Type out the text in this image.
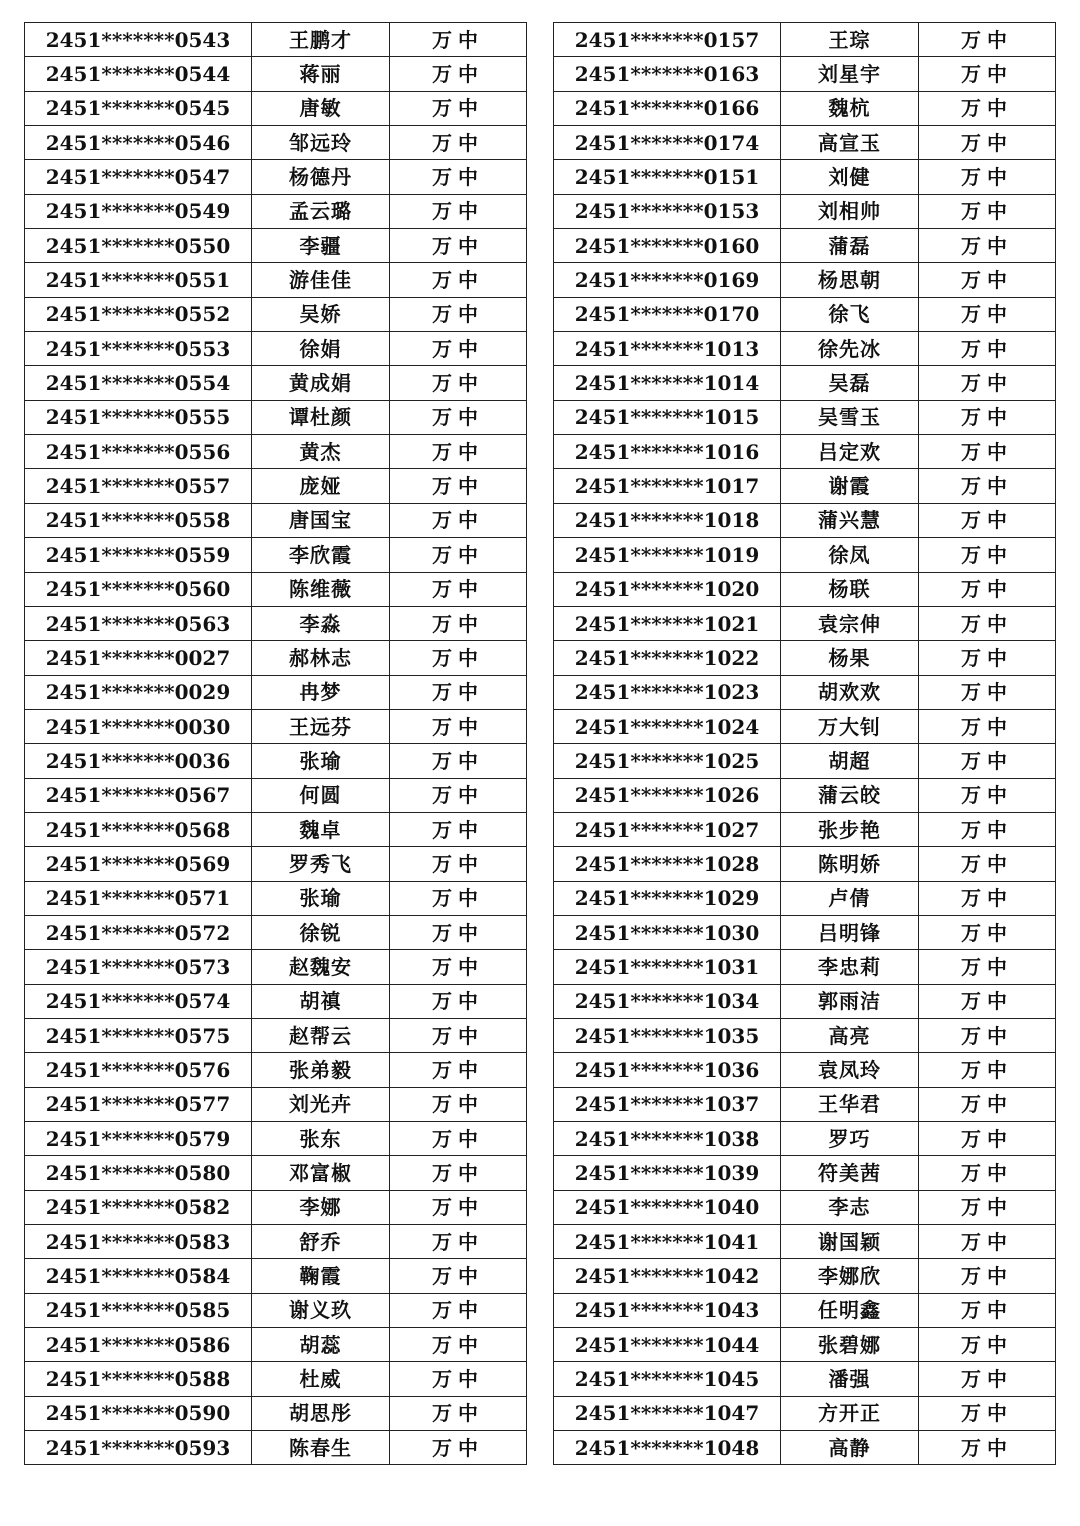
2451*******0543	王鹏才	万中
2451*******0544	蒋丽	万中
2451*******0545	唐敏	万中
2451*******0546	邹远玲	万中
2451*******0547	杨德丹	万中
2451*******0549	孟云璐	万中
2451*******0550	李疆	万中
2451*******0551	游佳佳	万中
2451*******0552	吴娇	万中
2451*******0553	徐娟	万中
2451*******0554	黄成娟	万中
2451*******0555	谭杜颜	万中
2451*******0556	黄杰	万中
2451*******0557	庞娅	万中
2451*******0558	唐国宝	万中
2451*******0559	李欣霞	万中
2451*******0560	陈维薇	万中
2451*******0563	李淼	万中
2451*******0027	郝林志	万中
2451*******0029	冉梦	万中
2451*******0030	王远芬	万中
2451*******0036	张瑜	万中
2451*******0567	何圆	万中
2451*******0568	魏卓	万中
2451*******0569	罗秀飞	万中
2451*******0571	张瑜	万中
2451*******0572	徐锐	万中
2451*******0573	赵魏安	万中
2451*******0574	胡禛	万中
2451*******0575	赵帮云	万中
2451*******0576	张弟毅	万中
2451*******0577	刘光卉	万中
2451*******0579	张东	万中
2451*******0580	邓富椒	万中
2451*******0582	李娜	万中
2451*******0583	舒乔	万中
2451*******0584	鞠霞	万中
2451*******0585	谢义玖	万中
2451*******0586	胡蕊	万中
2451*******0588	杜威	万中
2451*******0590	胡思彤	万中
2451*******0593	陈春生	万中
2451*******0157	王琮	万中
2451*******0163	刘星宇	万中
2451*******0166	魏杭	万中
2451*******0174	高宣玉	万中
2451*******0151	刘健	万中
2451*******0153	刘相帅	万中
2451*******0160	蒲磊	万中
2451*******0169	杨思朝	万中
2451*******0170	徐飞	万中
2451*******1013	徐先冰	万中
2451*******1014	吴磊	万中
2451*******1015	吴雪玉	万中
2451*******1016	吕定欢	万中
2451*******1017	谢霞	万中
2451*******1018	蒲兴慧	万中
2451*******1019	徐凤	万中
2451*******1020	杨联	万中
2451*******1021	袁宗伸	万中
2451*******1022	杨果	万中
2451*******1023	胡欢欢	万中
2451*******1024	万大钊	万中
2451*******1025	胡超	万中
2451*******1026	蒲云皎	万中
2451*******1027	张步艳	万中
2451*******1028	陈明娇	万中
2451*******1029	卢倩	万中
2451*******1030	吕明锋	万中
2451*******1031	李忠莉	万中
2451*******1034	郭雨洁	万中
2451*******1035	高亮	万中
2451*******1036	袁凤玲	万中
2451*******1037	王华君	万中
2451*******1038	罗巧	万中
2451*******1039	符美茜	万中
2451*******1040	李志	万中
2451*******1041	谢国颖	万中
2451*******1042	李娜欣	万中
2451*******1043	任明鑫	万中
2451*******1044	张碧娜	万中
2451*******1045	潘强	万中
2451*******1047	方开正	万中
2451*******1048	高静	万中
